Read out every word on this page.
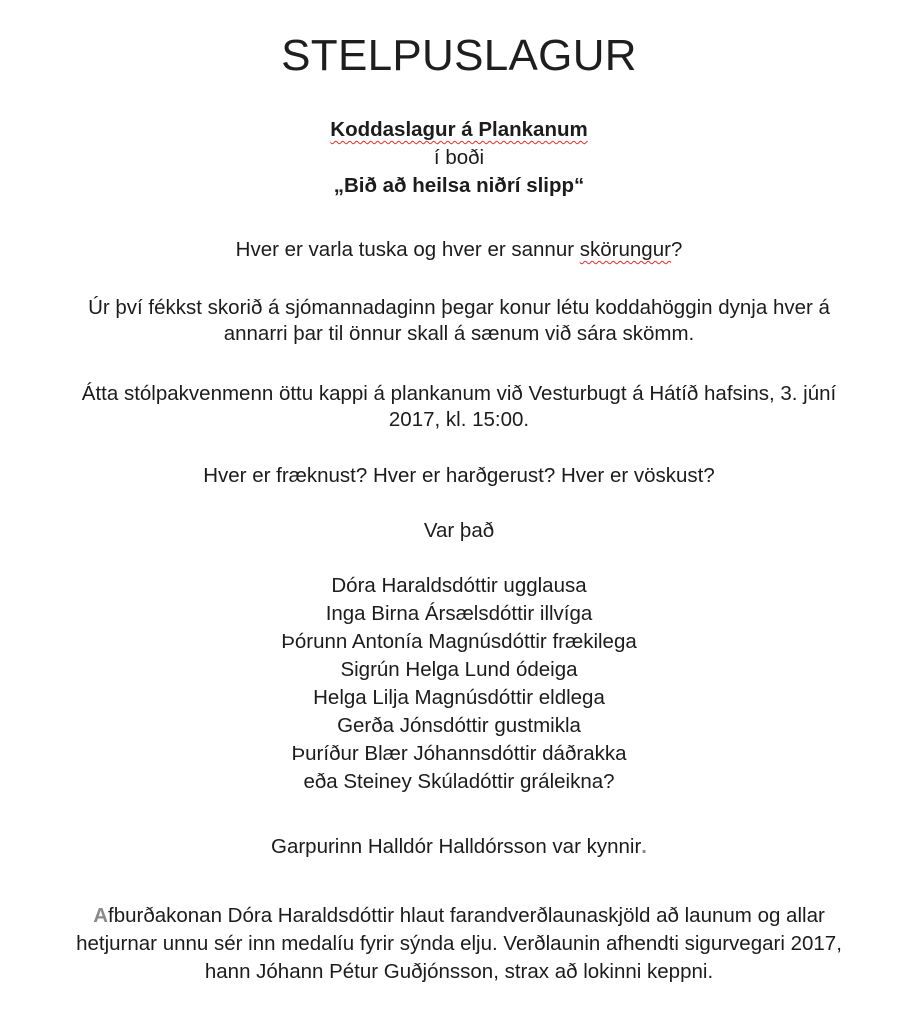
STELPUSLAGUR
Koddaslagur á Plankanum
í boði
„Bið að heilsa niðrí slipp“
Hver er varla tuska og hver er sannur skörungur?
Úr því fékkst skorið á sjómannadaginn þegar konur létu koddahöggin dynja hver á
annarri þar til önnur skall á sænum við sára skömm.
Átta stólpakvenmenn öttu kappi á plankanum við Vesturbugt á Hátíð hafsins, 3. júní
2017, kl. 15:00.
Hver er fræknust? Hver er harðgerust? Hver er vöskust?
Var það
Dóra Haraldsdóttir ugglausa
Inga Birna Ársælsdóttir illvíga
Þórunn Antonía Magnúsdóttir frækilega
Sigrún Helga Lund ódeiga
Helga Lilja Magnúsdóttir eldlega
Gerða Jónsdóttir gustmikla
Þuríður Blær Jóhannsdóttir dáðrakka
eða Steiney Skúladóttir gráleikna?
Garpurinn Halldór Halldórsson var kynnir.
Afburðakonan Dóra Haraldsdóttir hlaut farandverðlaunaskjöld að launum og allar
hetjurnar unnu sér inn medalíu fyrir sýnda elju. Verðlaunin afhendti sigurvegari 2017,
hann Jóhann Pétur Guðjónsson, strax að lokinni keppni.
